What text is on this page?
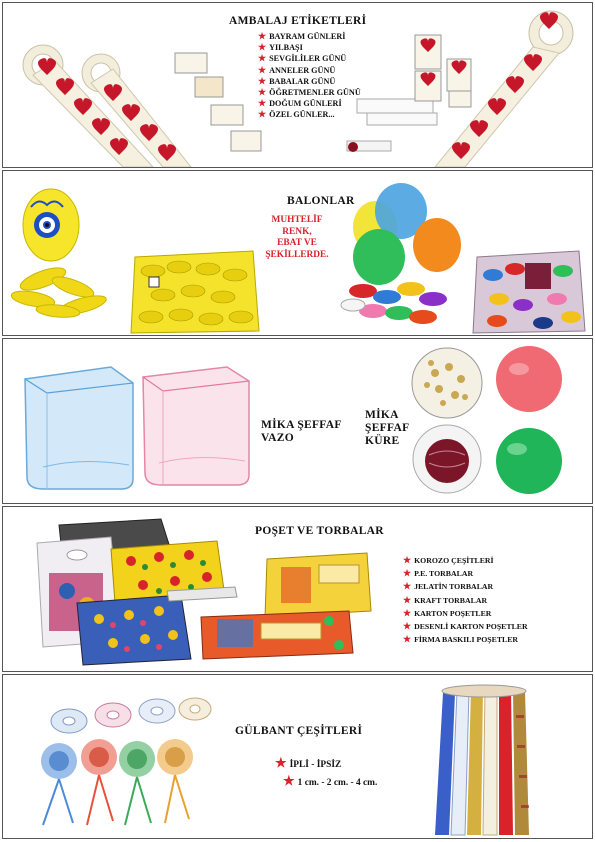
AMBALAJ ETİKETLERİ
★ BAYRAM GÜNLERİ
★ YILBAŞI
★ SEVGİLİLER GÜNÜ
★ ANNELER GÜNÜ
★ BABALAR GÜNÜ
★ ÖĞRETMENLER GÜNÜ
★ DOĞUM GÜNLERİ
★ ÖZEL GÜNLER...
BALONLAR
MUHTELİF
RENK,
EBAT VE
ŞEKİLLERDE.
MİKA ŞEFFAF
VAZO
MİKA
ŞEFFAF
KÜRE
POŞET VE TORBALAR
★ KOROZO ÇEŞİTLERİ
★ P.E. TORBALAR
★ JELATİN TORBALAR
★ KRAFT TORBALAR
★ KARTON POŞETLER
★ DESENLİ KARTON POŞETLER
★ FİRMA BASKILI POŞETLER
GÜLBANT ÇEŞİTLERİ
★ İPLİ - İPSİZ
★ 1 cm. - 2 cm. - 4 cm.
